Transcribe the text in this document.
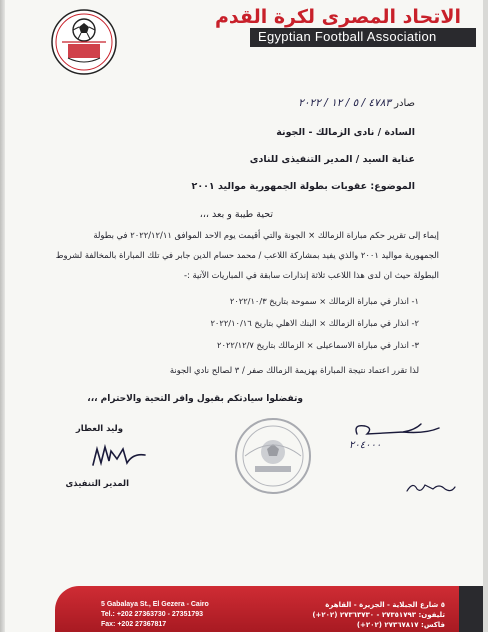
الاتحاد المصرى لكرة القدم
Egyptian Football Association
صادر ٤٧٨٣ / ٥ / ١٢ / ٢٠٢٢
السادة / نادى الزمالك - الجونة
عناية السيد / المدير التنفيذى للنادى
الموضوع: عقوبات بطولة الجمهورية مواليد ٢٠٠١
تحية طيبة و بعد ،،،
إيماء إلى تقرير حكم مباراة الزمالك × الجونة والتي أقيمت يوم الاحد الموافق ٢٠٢٢/١٢/١١ في بطولة
الجمهورية مواليد ٢٠٠١ والذي يفيد بمشاركة اللاعب / محمد حسام الدين جابر في تلك المباراة بالمخالفة لشروط
البطولة حيث ان لدى هذا اللاعب ثلاثة إنذارات سابقة في المباريات الآتية :-
١- انذار في مباراة الزمالك × سموحة بتاريخ ٢٠٢٢/١٠/٣
٢- انذار في مباراة الزمالك × البنك الاهلي بتاريخ ٢٠٢٢/١٠/١٦
٣- انذار في مباراة الاسماعيلى × الزمالك بتاريخ ٢٠٢٢/١٢/٧
لذا تقرر اعتماد نتيجة المباراة بهزيمة الزمالك صفر / ٣ لصالح نادي الجونة
وتفضلوا سيادتكم بقبول وافر التحية والاحترام ،،،
وليد العطار
المدير التنفيذى
٢٠٤٠٠٠
5 Gabalaya St., El Gezera - Cairo
Tel.: +202 27363730 - 27351793
Fax: +202 27367817
٥ شارع الجبلاية - الجزيرة - القاهرة
تليفون: ٢٧٣٥١٧٩٣ - ٢٧٣٦٣٧٣٠ (٢٠٢+)
فاكس: ٢٧٣٦٧٨١٧ (٢٠٢+)
